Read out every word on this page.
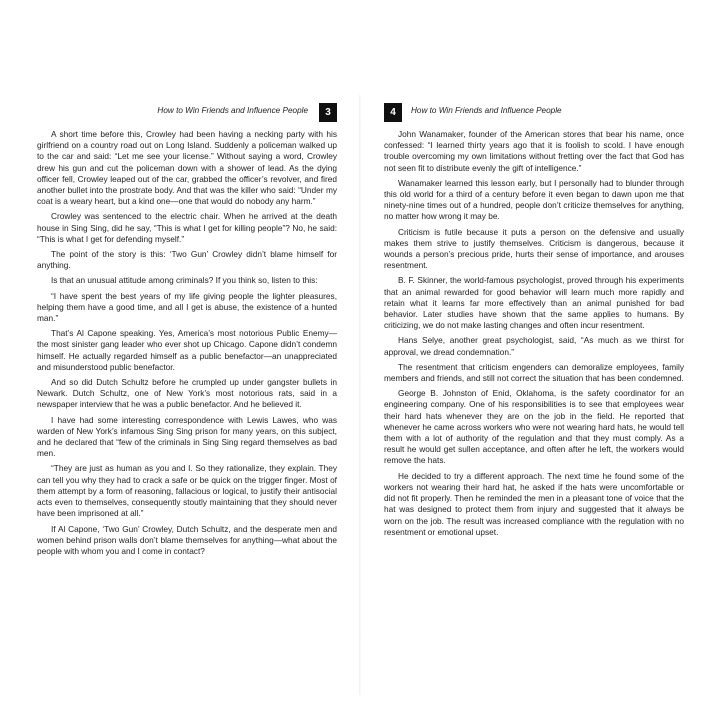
How to Win Friends and Influence People	3

A short time before this, Crowley had been having a necking party with his girlfriend on a country road out on Long Island. Suddenly a policeman walked up to the car and said: “Let me see your license.” Without saying a word, Crowley drew his gun and cut the policeman down with a shower of lead. As the dying officer fell, Crowley leaped out of the car, grabbed the officer’s revolver, and fired another bullet into the prostrate body. And that was the killer who said: “Under my coat is a weary heart, but a kind one—one that would do nobody any harm.”

Crowley was sentenced to the electric chair. When he arrived at the death house in Sing Sing, did he say, “This is what I get for killing people”? No, he said: “This is what I get for defending myself.”

The point of the story is this: ‘Two Gun’ Crowley didn’t blame himself for anything.

Is that an unusual attitude among criminals? If you think so, listen to this:

“I have spent the best years of my life giving people the lighter pleasures, helping them have a good time, and all I get is abuse, the existence of a hunted man.”

That’s Al Capone speaking. Yes, America’s most notorious Public Enemy—the most sinister gang leader who ever shot up Chicago. Capone didn’t condemn himself. He actually regarded himself as a public benefactor—an unappreciated and misunderstood public benefactor.

And so did Dutch Schultz before he crumpled up under gangster bullets in Newark. Dutch Schultz, one of New York’s most notorious rats, said in a newspaper interview that he was a public benefactor. And he believed it.

I have had some interesting correspondence with Lewis Lawes, who was warden of New York’s infamous Sing Sing prison for many years, on this subject, and he declared that “few of the criminals in Sing Sing regard themselves as bad men.

“They are just as human as you and I. So they rationalize, they explain. They can tell you why they had to crack a safe or be quick on the trigger finger. Most of them attempt by a form of reasoning, fallacious or logical, to justify their antisocial acts even to themselves, consequently stoutly maintaining that they should never have been imprisoned at all.”

If Al Capone, ‘Two Gun’ Crowley, Dutch Schultz, and the desperate men and women behind prison walls don’t blame themselves for anything—what about the people with whom you and I come in contact?

4	How to Win Friends and Influence People

John Wanamaker, founder of the American stores that bear his name, once confessed: “I learned thirty years ago that it is foolish to scold. I have enough trouble overcoming my own limitations without fretting over the fact that God has not seen fit to distribute evenly the gift of intelligence.”

Wanamaker learned this lesson early, but I personally had to blunder through this old world for a third of a century before it even began to dawn upon me that ninety-nine times out of a hundred, people don’t criticize themselves for anything, no matter how wrong it may be.

Criticism is futile because it puts a person on the defensive and usually makes them strive to justify themselves. Criticism is dangerous, because it wounds a person’s precious pride, hurts their sense of importance, and arouses resentment.

B. F. Skinner, the world-famous psychologist, proved through his experiments that an animal rewarded for good behavior will learn much more rapidly and retain what it learns far more effectively than an animal punished for bad behavior. Later studies have shown that the same applies to humans. By criticizing, we do not make lasting changes and often incur resentment.

Hans Selye, another great psychologist, said, “As much as we thirst for approval, we dread condemnation.”

The resentment that criticism engenders can demoralize employees, family members and friends, and still not correct the situation that has been condemned.

George B. Johnston of Enid, Oklahoma, is the safety coordinator for an engineering company. One of his responsibilities is to see that employees wear their hard hats whenever they are on the job in the field. He reported that whenever he came across workers who were not wearing hard hats, he would tell them with a lot of authority of the regulation and that they must comply. As a result he would get sullen acceptance, and often after he left, the workers would remove the hats.

He decided to try a different approach. The next time he found some of the workers not wearing their hard hat, he asked if the hats were uncomfortable or did not fit properly. Then he reminded the men in a pleasant tone of voice that the hat was designed to protect them from injury and suggested that it always be worn on the job. The result was increased compliance with the regulation with no resentment or emotional upset.
